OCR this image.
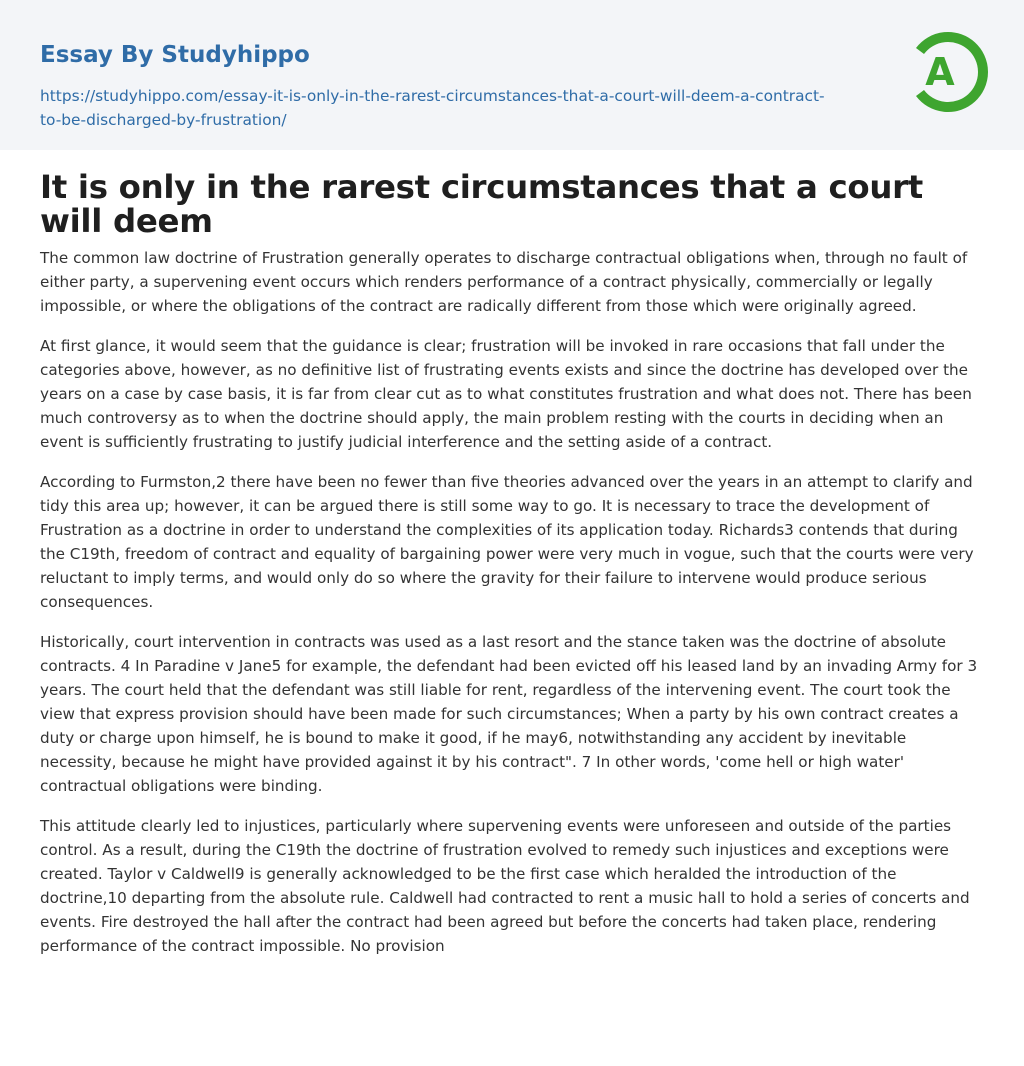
Essay By Studyhippo
https://studyhippo.com/essay-it-is-only-in-the-rarest-circumstances-that-a-court-will-deem-a-contract-to-be-discharged-by-frustration/
A
It is only in the rarest circumstances that a court will deem

The common law doctrine of Frustration generally operates to discharge contractual obligations when, through no fault of either party, a supervening event occurs which renders performance of a contract physically, commercially or legally impossible, or where the obligations of the contract are radically different from those which were originally agreed.

At first glance, it would seem that the guidance is clear; frustration will be invoked in rare occasions that fall under the categories above, however, as no definitive list of frustrating events exists and since the doctrine has developed over the years on a case by case basis, it is far from clear cut as to what constitutes frustration and what does not. There has been much controversy as to when the doctrine should apply, the main problem resting with the courts in deciding when an event is sufficiently frustrating to justify judicial interference and the setting aside of a contract.

According to Furmston,2 there have been no fewer than five theories advanced over the years in an attempt to clarify and tidy this area up; however, it can be argued there is still some way to go. It is necessary to trace the development of Frustration as a doctrine in order to understand the complexities of its application today. Richards3 contends that during the C19th, freedom of contract and equality of bargaining power were very much in vogue, such that the courts were very reluctant to imply terms, and would only do so where the gravity for their failure to intervene would produce serious consequences.

Historically, court intervention in contracts was used as a last resort and the stance taken was the doctrine of absolute contracts. 4 In Paradine v Jane5 for example, the defendant had been evicted off his leased land by an invading Army for 3 years. The court held that the defendant was still liable for rent, regardless of the intervening event. The court took the view that express provision should have been made for such circumstances; When a party by his own contract creates a duty or charge upon himself, he is bound to make it good, if he may6, notwithstanding any accident by inevitable necessity, because he might have provided against it by his contract". 7 In other words, 'come hell or high water' contractual obligations were binding.

This attitude clearly led to injustices, particularly where supervening events were unforeseen and outside of the parties control. As a result, during the C19th the doctrine of frustration evolved to remedy such injustices and exceptions were created. Taylor v Caldwell9 is generally acknowledged to be the first case which heralded the introduction of the doctrine,10 departing from the absolute rule. Caldwell had contracted to rent a music hall to hold a series of concerts and events. Fire destroyed the hall after the contract had been agreed but before the concerts had taken place, rendering performance of the contract impossible. No provision
